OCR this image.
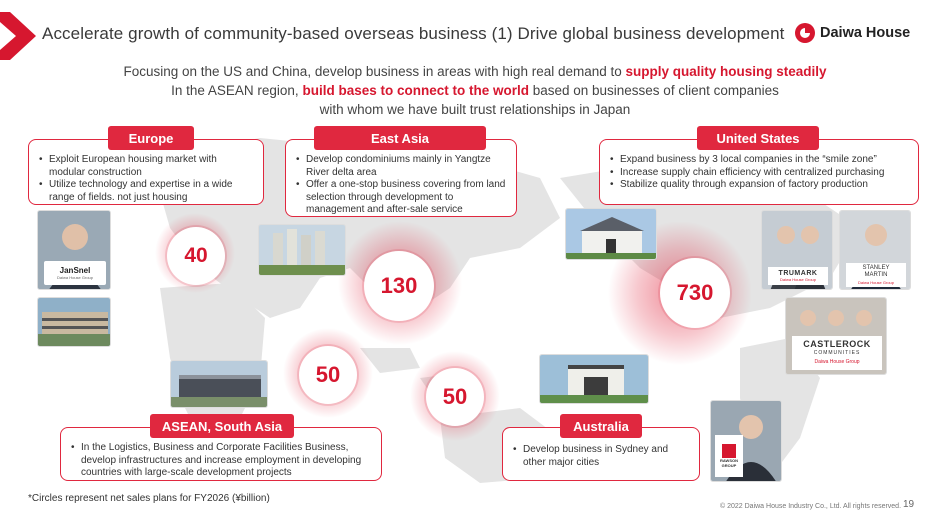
Accelerate growth of community-based overseas business (1) Drive global business development Daiwa House
Focusing on the US and China, develop business in areas with high real demand to supply quality housing steadily
In the ASEAN region, build bases to connect to the world based on businesses of client companies
with whom we have built trust relationships in Japan
40
130
50
50
730
Europe
• Exploit European housing market with modular construction
• Utilize technology and expertise in a wide range of fields. not just housing
East Asia
• Develop condominiums mainly in Yangtze River delta area
• Offer a one-stop business covering from land selection through development to management and after-sale service
United States
• Expand business by 3 local companies in the “smile zone”
• Increase supply chain efficiency with centralized purchasing
• Stabilize quality through expansion of factory production
ASEAN, South Asia
• In the Logistics, Business and Corporate Facilities Business, develop infrastructures and increase employment in developing countries with large-scale development projects
Australia
• Develop business in Sydney and other major cities
JanSnel
Daiwa House Group
TRUMARK
Daiwa House Group
STANLEY
MARTIN
Daiwa House Group
CASTLEROCK
COMMUNITIES
Daiwa House Group
RAWSON GROUP
*Circles represent net sales plans for FY2026 (¥billion)
© 2022 Daiwa House Industry Co., Ltd. All rights reserved. 19
